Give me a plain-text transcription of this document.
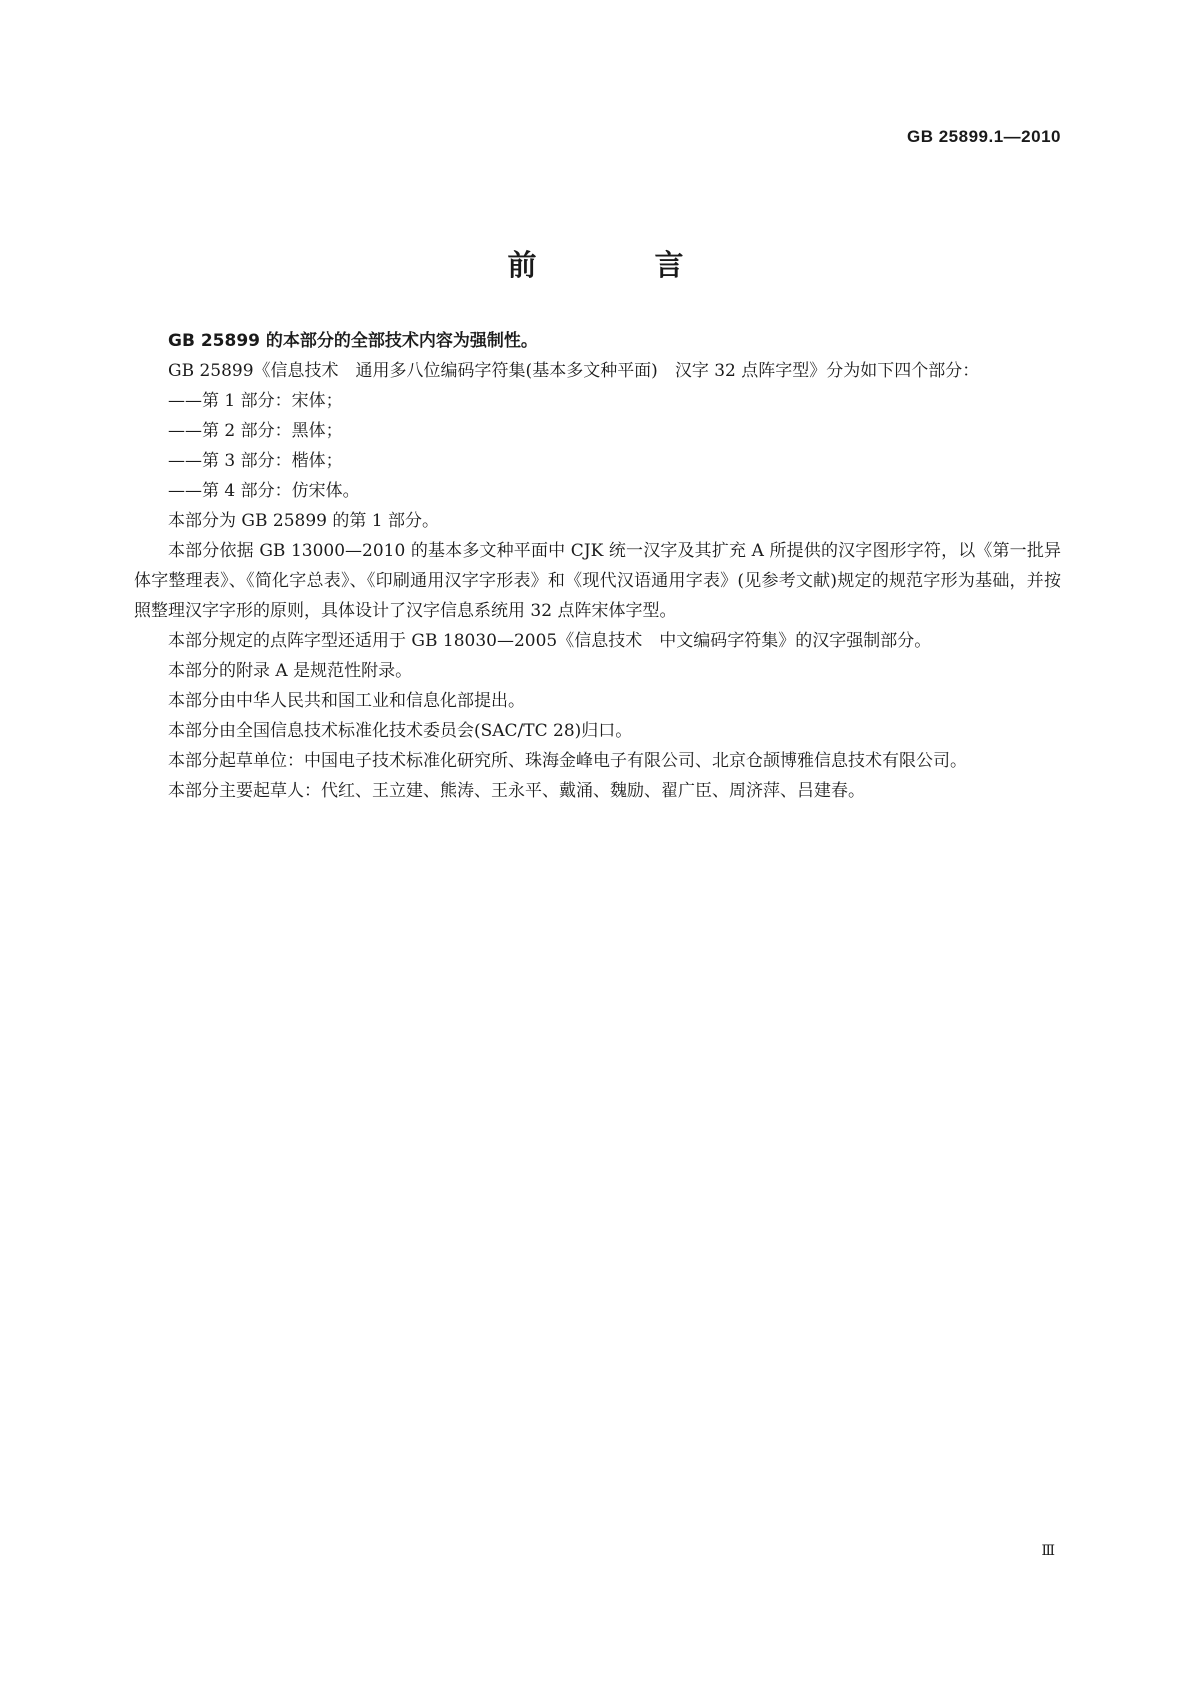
GB 25899.1—2010
前 言

GB 25899 的本部分的全部技术内容为强制性。

GB 25899《信息技术　通用多八位编码字符集(基本多文种平面)　汉字 32 点阵字型》分为如下四个部分：

——第 1 部分：宋体；

——第 2 部分：黑体；

——第 3 部分：楷体；

——第 4 部分：仿宋体。

本部分为 GB 25899 的第 1 部分。

本部分依据 GB 13000—2010 的基本多文种平面中 CJK 统一汉字及其扩充 A 所提供的汉字图形字符，以《第一批异体字整理表》、《简化字总表》、《印刷通用汉字字形表》和《现代汉语通用字表》(见参考文献)规定的规范字形为基础，并按照整理汉字字形的原则，具体设计了汉字信息系统用 32 点阵宋体字型。

本部分规定的点阵字型还适用于 GB 18030—2005《信息技术　中文编码字符集》的汉字强制部分。

本部分的附录 A 是规范性附录。

本部分由中华人民共和国工业和信息化部提出。

本部分由全国信息技术标准化技术委员会(SAC/TC 28)归口。

本部分起草单位：中国电子技术标准化研究所、珠海金峰电子有限公司、北京仓颉博雅信息技术有限公司。

本部分主要起草人：代红、王立建、熊涛、王永平、戴涌、魏励、翟广臣、周济萍、吕建春。

Ⅲ
